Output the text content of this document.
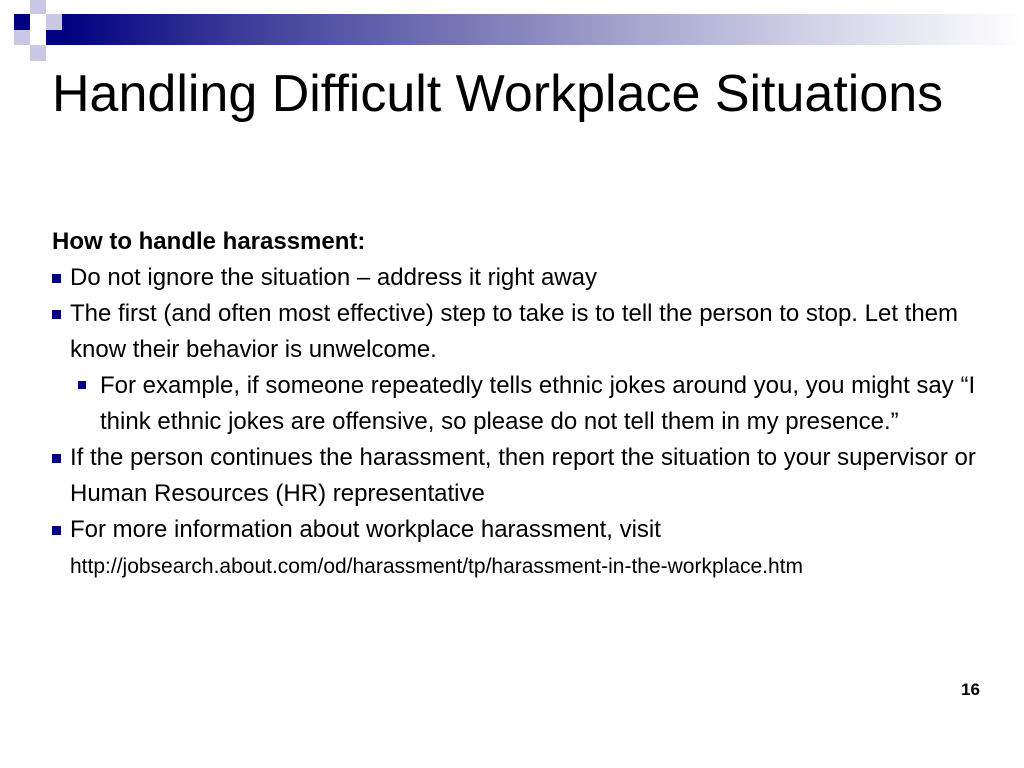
Handling Difficult Workplace Situations

How to handle harassment:

Do not ignore the situation – address it right away
The first (and often most effective) step to take is to tell the person to stop. Let them know their behavior is unwelcome.
For example, if someone repeatedly tells ethnic jokes around you, you might say “I think ethnic jokes are offensive, so please do not tell them in my presence.”
If the person continues the harassment, then report the situation to your supervisor or Human Resources (HR) representative
For more information about workplace harassment, visit
http://jobsearch.about.com/od/harassment/tp/harassment-in-the-workplace.htm
16
